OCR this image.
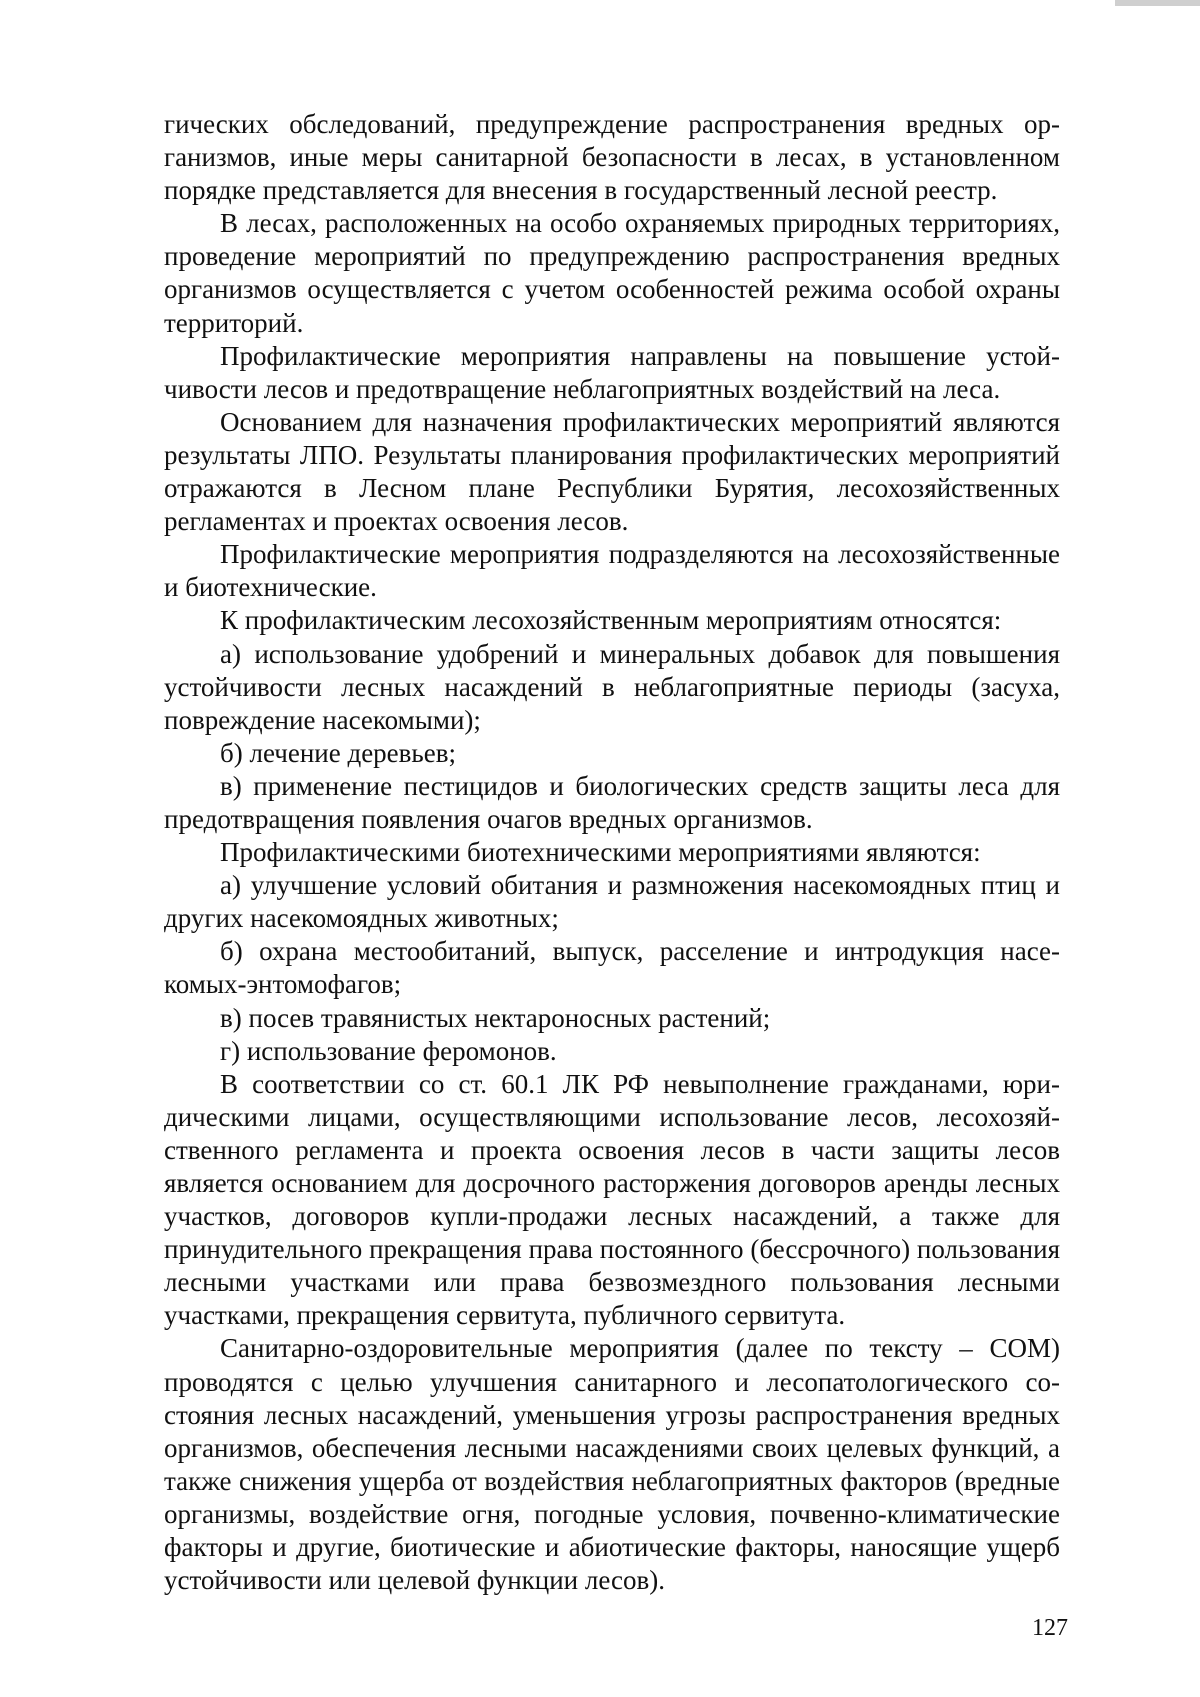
гических обследований, предупреждение распространения вредных организмов, иные меры санитарной безопасности в лесах, в установленном порядке представляется для внесения в государственный лесной реестр.

В лесах, расположенных на особо охраняемых природных территориях, проведение мероприятий по предупреждению распространения вредных организмов осуществляется с учетом особенностей режима особой охраны территорий.

Профилактические мероприятия направлены на повышение устойчивости лесов и предотвращение неблагоприятных воздействий на леса.

Основанием для назначения профилактических мероприятий являются результаты ЛПО. Результаты планирования профилактических мероприятий отражаются в Лесном плане Республики Бурятия, лесохозяйственных регламентах и проектах освоения лесов.

Профилактические мероприятия подразделяются на лесохозяйственные и биотехнические.

К профилактическим лесохозяйственным мероприятиям относятся:

а) использование удобрений и минеральных добавок для повышения устойчивости лесных насаждений в неблагоприятные периоды (засуха, повреждение насекомыми);

б) лечение деревьев;

в) применение пестицидов и биологических средств защиты леса для предотвращения появления очагов вредных организмов.

Профилактическими биотехническими мероприятиями являются:

а) улучшение условий обитания и размножения насекомоядных птиц и других насекомоядных животных;

б) охрана местообитаний, выпуск, расселение и интродукция насекомых-энтомофагов;

в) посев травянистых нектароносных растений;

г) использование феромонов.

В соответствии со ст. 60.1 ЛК РФ невыполнение гражданами, юридическими лицами, осуществляющими использование лесов, лесохозяйственного регламента и проекта освоения лесов в части защиты лесов является основанием для досрочного расторжения договоров аренды лесных участков, договоров купли-продажи лесных насаждений, а также для принудительного прекращения права постоянного (бессрочного) пользования лесными участками или права безвозмездного пользования лесными участками, прекращения сервитута, публичного сервитута.

Санитарно-оздоровительные мероприятия (далее по тексту – СОМ) проводятся с целью улучшения санитарного и лесопатологического состояния лесных насаждений, уменьшения угрозы распространения вредных организмов, обеспечения лесными насаждениями своих целевых функций, а также снижения ущерба от воздействия неблагоприятных факторов (вредные организмы, воздействие огня, погодные условия, почвенно-климатические факторы и другие, биотические и абиотические факторы, наносящие ущерб устойчивости или целевой функции лесов).

127
